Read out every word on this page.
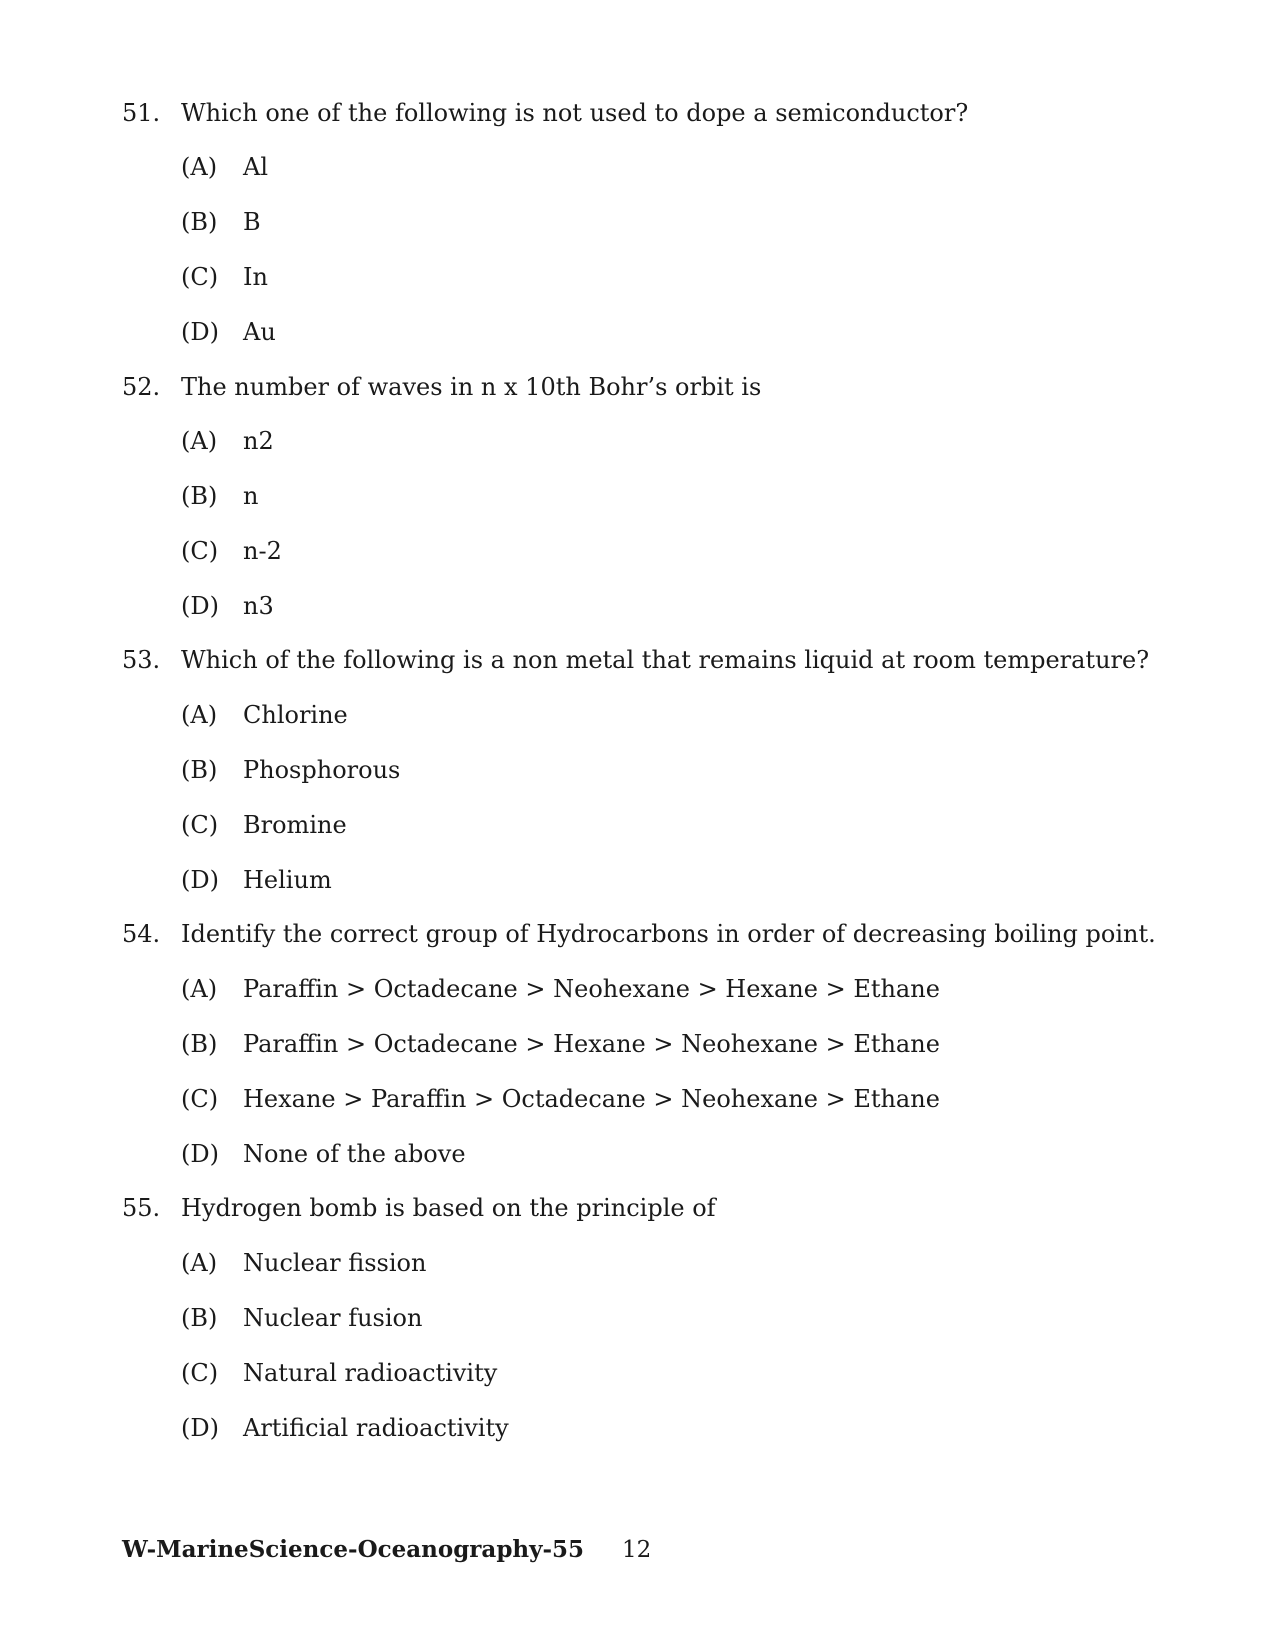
51. Which one of the following is not used to dope a semiconductor?
(A) Al
(B) B
(C) In
(D) Au
52. The number of waves in n x 10th Bohr’s orbit is
(A) n2
(B) n
(C) n-2
(D) n3
53. Which of the following is a non metal that remains liquid at room temperature?
(A) Chlorine
(B) Phosphorous
(C) Bromine
(D) Helium
54. Identify the correct group of Hydrocarbons in order of decreasing boiling point.
(A) Paraffin > Octadecane > Neohexane > Hexane > Ethane
(B) Paraffin > Octadecane > Hexane > Neohexane > Ethane
(C) Hexane > Paraffin > Octadecane > Neohexane > Ethane
(D) None of the above
55. Hydrogen bomb is based on the principle of
(A) Nuclear fission
(B) Nuclear fusion
(C) Natural radioactivity
(D) Artificial radioactivity
W-MarineScience-Oceanography-55 12
